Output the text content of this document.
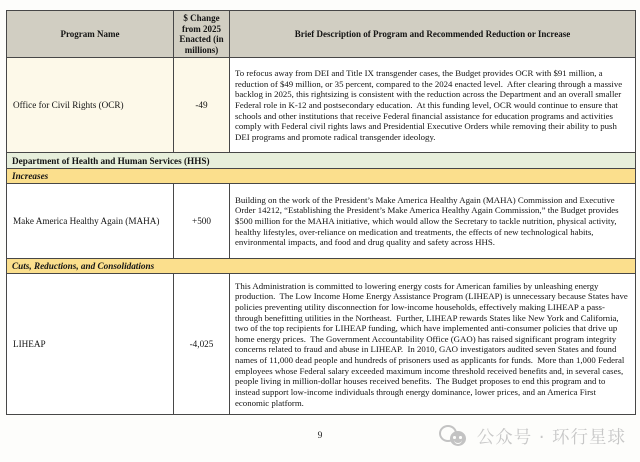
Program Name	$ Change from 2025 Enacted (in millions)	Brief Description of Program and Recommended Reduction or Increase
Office for Civil Rights (OCR)	-49	To refocus away from DEI and Title IX transgender cases, the Budget provides OCR with $91 million, a reduction of $49 million, or 35 percent, compared to the 2024 enacted level.  After clearing through a massive backlog in 2025, this rightsizing is consistent with the reduction across the Department and an overall smaller Federal role in K-12 and postsecondary education.  At this funding level, OCR would continue to ensure that schools and other institutions that receive Federal financial assistance for education programs and activities comply with Federal civil rights laws and Presidential Executive Orders while removing their ability to push DEI programs and promote radical transgender ideology.
Department of Health and Human Services (HHS)		
Increases		
Make America Healthy Again (MAHA)	+500	Building on the work of the President’s Make America Healthy Again (MAHA) Commission and Executive Order 14212, “Establishing the President’s Make America Healthy Again Commission,” the Budget provides $500 million for the MAHA initiative, which would allow the Secretary to tackle nutrition, physical activity, healthy lifestyles, over-reliance on medication and treatments, the effects of new technological habits, environmental impacts, and food and drug quality and safety across HHS.
Cuts, Reductions, and Consolidations		
LIHEAP	-4,025	This Administration is committed to lowering energy costs for American families by unleashing energy production.  The Low Income Home Energy Assistance Program (LIHEAP) is unnecessary because States have policies preventing utility disconnection for low-income households, effectively making LIHEAP a pass-through benefitting utilities in the Northeast.  Further, LIHEAP rewards States like New York and California, two of the top recipients for LIHEAP funding, which have implemented anti-consumer policies that drive up home energy prices.  The Government Accountability Office (GAO) has raised significant program integrity concerns related to fraud and abuse in LIHEAP.  In 2010, GAO investigators audited seven States and found names of 11,000 dead people and hundreds of prisoners used as applicants for funds.  More than 1,000 Federal employees whose Federal salary exceeded maximum income threshold received benefits and, in several cases, people living in million-dollar houses received benefits.  The Budget proposes to end this program and to instead support low-income individuals through energy dominance, lower prices, and an America First economic platform.
9	公众号 · 环行星球
